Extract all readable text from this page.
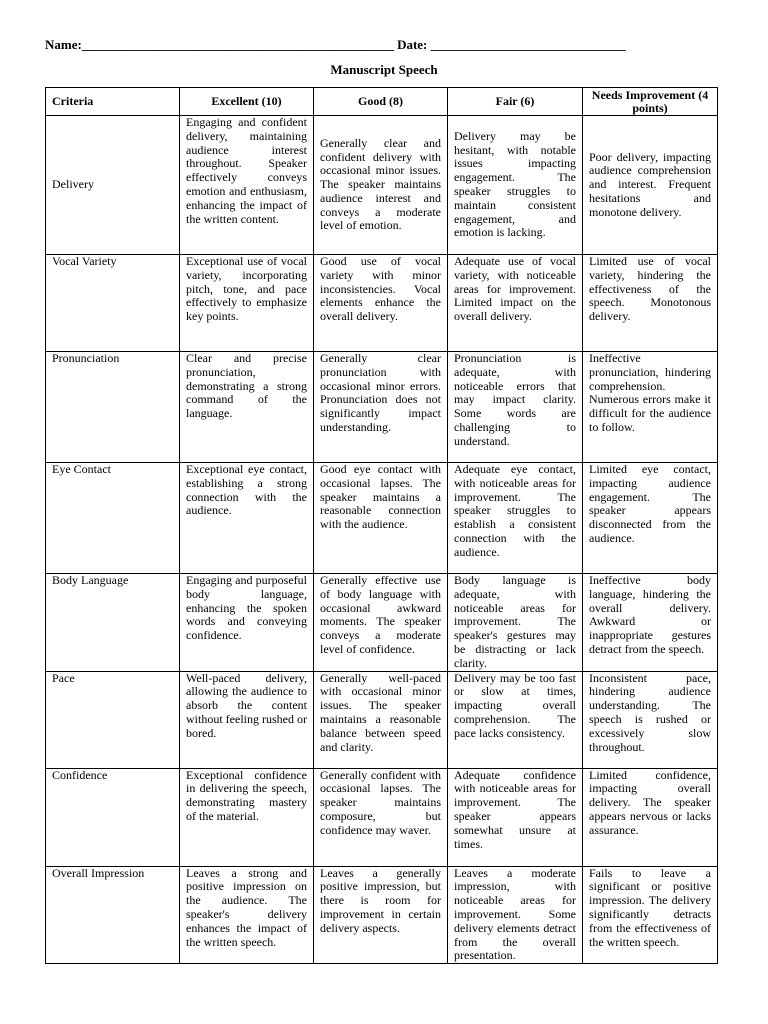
Name:________________________________________________ Date: ______________________________
Manuscript Speech
Criteria	Excellent (10)	Good (8)	Fair (6)	Needs Improvement (4 points)
Delivery	Engaging and confident delivery, maintaining audience interest throughout. Speaker effectively conveys emotion and enthusiasm, enhancing the impact of the written content.	Generally clear and confident delivery with occasional minor issues. The speaker maintains audience interest and conveys a moderate level of emotion.	Delivery may be hesitant, with notable issues impacting engagement. The speaker struggles to maintain consistent engagement, and emotion is lacking.	Poor delivery, impacting audience comprehension and interest. Frequent hesitations and monotone delivery.
Vocal Variety	Exceptional use of vocal variety, incorporating pitch, tone, and pace effectively to emphasize key points.	Good use of vocal variety with minor inconsistencies. Vocal elements enhance the overall delivery.	Adequate use of vocal variety, with noticeable areas for improvement. Limited impact on the overall delivery.	Limited use of vocal variety, hindering the effectiveness of the speech. Monotonous delivery.
Pronunciation	Clear and precise pronunciation, demonstrating a strong command of the language.	Generally clear pronunciation with occasional minor errors. Pronunciation does not significantly impact understanding.	Pronunciation is adequate, with noticeable errors that may impact clarity. Some words are challenging to understand.	Ineffective pronunciation, hindering comprehension. Numerous errors make it difficult for the audience to follow.
Eye Contact	Exceptional eye contact, establishing a strong connection with the audience.	Good eye contact with occasional lapses. The speaker maintains a reasonable connection with the audience.	Adequate eye contact, with noticeable areas for improvement. The speaker struggles to establish a consistent connection with the audience.	Limited eye contact, impacting audience engagement. The speaker appears disconnected from the audience.
Body Language	Engaging and purposeful body language, enhancing the spoken words and conveying confidence.	Generally effective use of body language with occasional awkward moments. The speaker conveys a moderate level of confidence.	Body language is adequate, with noticeable areas for improvement. The speaker's gestures may be distracting or lack clarity.	Ineffective body language, hindering the overall delivery. Awkward or inappropriate gestures detract from the speech.
Pace	Well-paced delivery, allowing the audience to absorb the content without feeling rushed or bored.	Generally well-paced with occasional minor issues. The speaker maintains a reasonable balance between speed and clarity.	Delivery may be too fast or slow at times, impacting overall comprehension. The pace lacks consistency.	Inconsistent pace, hindering audience understanding. The speech is rushed or excessively slow throughout.
Confidence	Exceptional confidence in delivering the speech, demonstrating mastery of the material.	Generally confident with occasional lapses. The speaker maintains composure, but confidence may waver.	Adequate confidence with noticeable areas for improvement. The speaker appears somewhat unsure at times.	Limited confidence, impacting overall delivery. The speaker appears nervous or lacks assurance.
Overall Impression	Leaves a strong and positive impression on the audience. The speaker's delivery enhances the impact of the written speech.	Leaves a generally positive impression, but there is room for improvement in certain delivery aspects.	Leaves a moderate impression, with noticeable areas for improvement. Some delivery elements detract from the overall presentation.	Fails to leave a significant or positive impression. The delivery significantly detracts from the effectiveness of the written speech.
